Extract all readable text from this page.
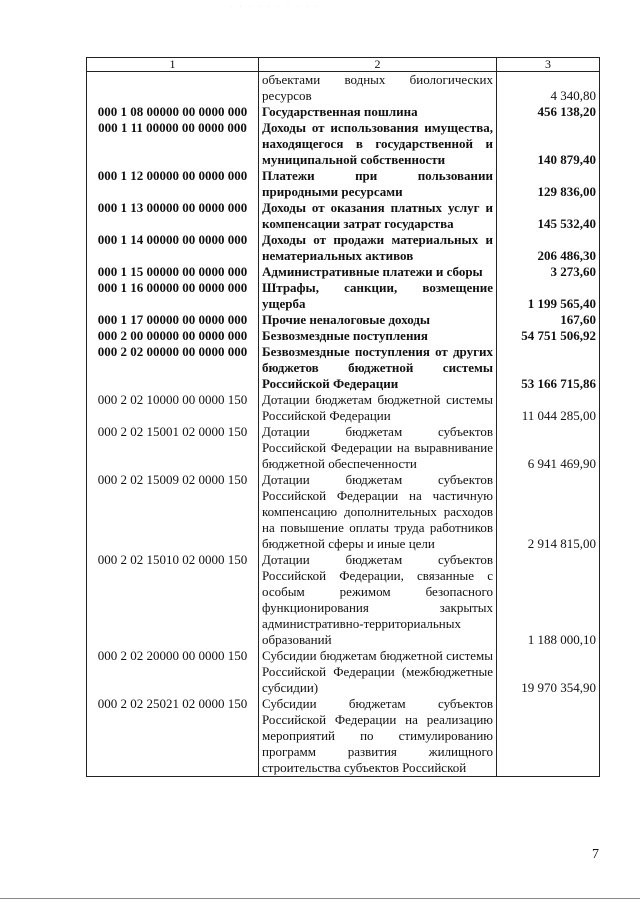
· · · · · · · · · ·
1	2	3
	объектами водных биологических ресурсов	4 340,80
000 1 08 00000 00 0000 000	Государственная пошлина	456 138,20
000 1 11 00000 00 0000 000	Доходы от использования имущества, находящегося в государственной и муниципальной собственности	140 879,40
000 1 12 00000 00 0000 000	Платежи при пользовании природными ресурсами	129 836,00
000 1 13 00000 00 0000 000	Доходы от оказания платных услуг и компенсации затрат государства	145 532,40
000 1 14 00000 00 0000 000	Доходы от продажи материальных и нематериальных активов	206 486,30
000 1 15 00000 00 0000 000	Административные платежи и сборы	3 273,60
000 1 16 00000 00 0000 000	Штрафы, санкции, возмещение ущерба	1 199 565,40
000 1 17 00000 00 0000 000	Прочие неналоговые доходы	167,60
000 2 00 00000 00 0000 000	Безвозмездные поступления	54 751 506,92
000 2 02 00000 00 0000 000	Безвозмездные поступления от других бюджетов бюджетной системы Российской Федерации	53 166 715,86
000 2 02 10000 00 0000 150	Дотации бюджетам бюджетной системы Российской Федерации	11 044 285,00
000 2 02 15001 02 0000 150	Дотации бюджетам субъектов Российской Федерации на выравнивание бюджетной обеспеченности	6 941 469,90
000 2 02 15009 02 0000 150	Дотации бюджетам субъектов Российской Федерации на частичную компенсацию дополнительных расходов на повышение оплаты труда работников бюджетной сферы и иные цели	2 914 815,00
000 2 02 15010 02 0000 150	Дотации бюджетам субъектов Российской Федерации, связанные с особым режимом безопасного функционирования закрытых административно-территориальных образований	1 188 000,10
000 2 02 20000 00 0000 150	Субсидии бюджетам бюджетной системы Российской Федерации (межбюджетные субсидии)	19 970 354,90
000 2 02 25021 02 0000 150	Субсидии бюджетам субъектов Российской Федерации на реализацию мероприятий по стимулированию программ развития жилищного строительства субъектов Российской	
7
